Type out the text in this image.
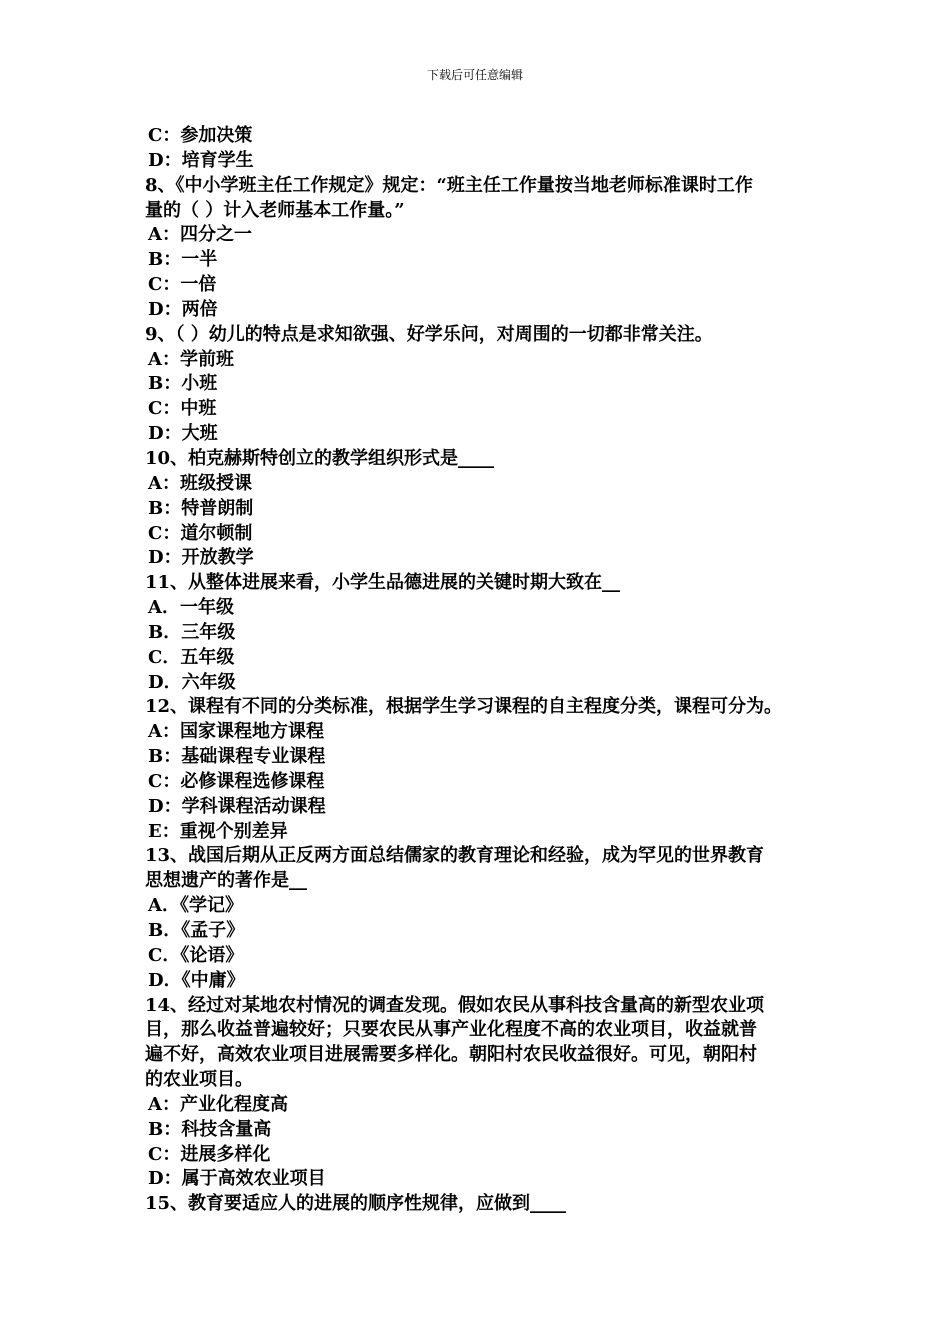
下载后可任意编辑
C：参加决策
D：培育学生
8、《中小学班主任工作规定》规定：“班主任工作量按当地老师标准课时工作
量的（ ）计入老师基本工作量。”
A：四分之一
B：一半
C：一倍
D：两倍
9、（ ）幼儿的特点是求知欲强、好学乐问，对周围的一切都非常关注。
A：学前班
B：小班
C：中班
D：大班
10、柏克赫斯特创立的教学组织形式是____
A：班级授课
B：特普朗制
C：道尔顿制
D：开放教学
11、从整体进展来看，小学生品德进展的关键时期大致在__
A．一年级
B．三年级
C．五年级
D．六年级
12、课程有不同的分类标准，根据学生学习课程的自主程度分类，课程可分为。
A：国家课程地方课程
B：基础课程专业课程
C：必修课程选修课程
D：学科课程活动课程
E：重视个别差异
13、战国后期从正反两方面总结儒家的教育理论和经验，成为罕见的世界教育
思想遗产的著作是__
A．《学记》
B．《孟子》
C．《论语》
D．《中庸》
14、经过对某地农村情况的调查发现。假如农民从事科技含量高的新型农业项
目，那么收益普遍较好；只要农民从事产业化程度不高的农业项目，收益就普
遍不好，高效农业项目进展需要多样化。朝阳村农民收益很好。可见，朝阳村
的农业项目。
A：产业化程度高
B：科技含量高
C：进展多样化
D：属于高效农业项目
15、教育要适应人的进展的顺序性规律，应做到____
